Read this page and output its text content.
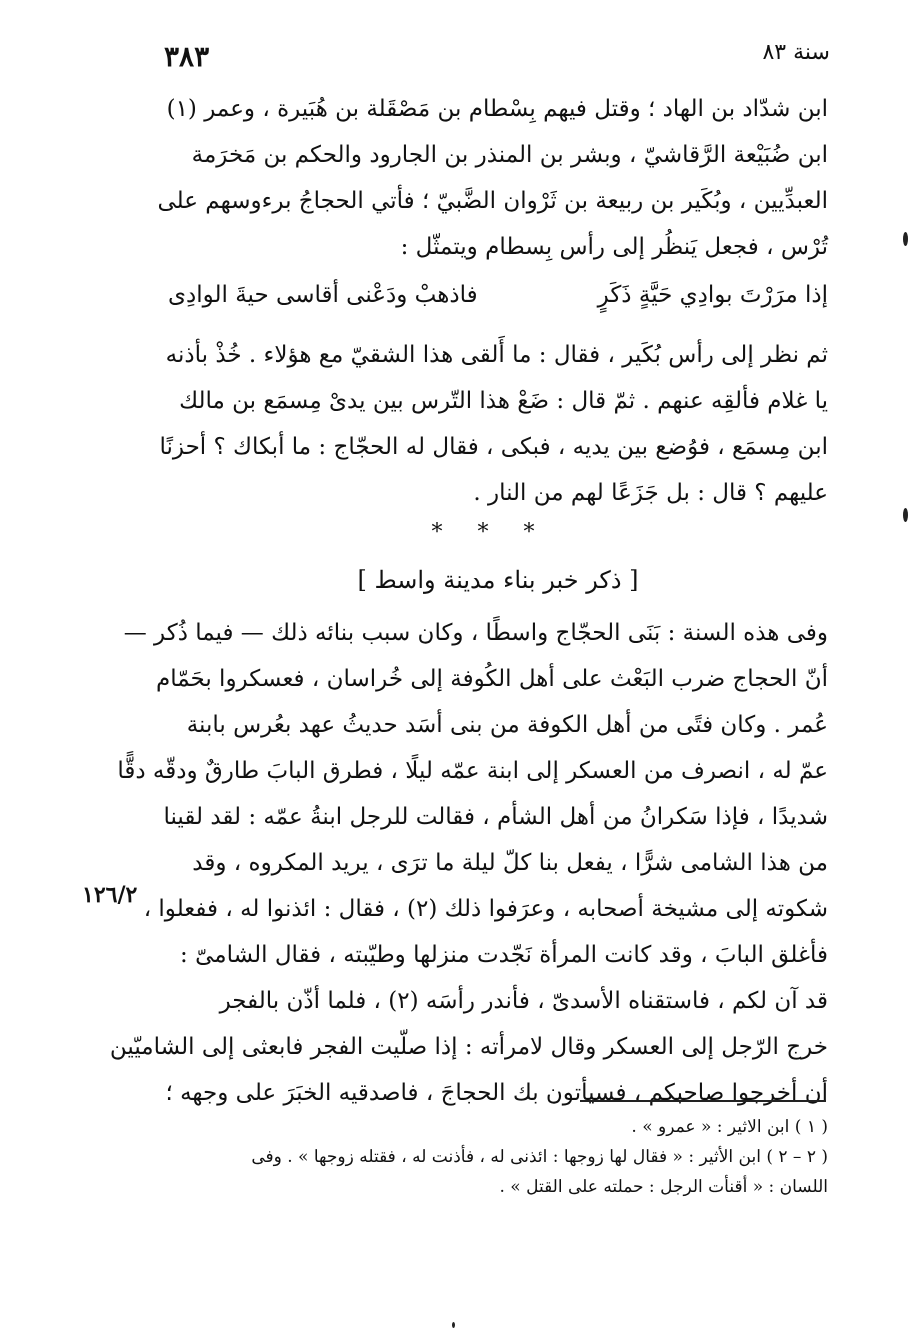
٣٨٣	سنة ٨٣
ابن شدّاد بن الهاد ؛ وقتل فيهم بِسْطام بن مَصْقَلة بن هُبَيرة ، وعمر (١)
ابن ضُبَيْعة الرَّقاشيّ ، وبشر بن المنذر بن الجارود والحكم بن مَخرَمة
العبدِّيين ، وبُكَير بن ربيعة بن ثَرْوان الضَّبيّ ؛ فأتي الحجاجُ برءوسهم على
تُرْس ، فجعل يَنظُر إلى رأس بِسطام ويتمثّل :
إذا مرَرْتَ بوادِي حَيَّةٍ ذَكَرٍ
فاذهبْ ودَعْنى أقاسى حيةَ الوادِى
ثم نظر إلى رأس بُكَير ، فقال : ما أَلقى هذا الشقيّ مع هؤلاء . خُذْ بأذنه
يا غلام فألقِه عنهم . ثمّ قال : ضَعْ هذا التّرس بين يدىْ مِسمَع بن مالك
ابن مِسمَع ، فوُضع بين يديه ، فبكى ، فقال له الحجّاج : ما أبكاك ؟ أحزنًا
عليهم ؟ قال : بل جَزَعًا لهم من النار .
* * *
[ ذكر خبر بناء مدينة واسط ]
وفى هذه السنة : بَنَى الحجّاج واسطًا ، وكان سبب بنائه ذلك — فيما ذُكر —
أنّ الحجاج ضرب البَعْث على أهل الكُوفة إلى خُراسان ، فعسكروا بحَمّام
عُمر . وكان فتًى من أهل الكوفة من بنى أسَد حديثُ عهد بعُرس بابنة
عمّ له ، انصرف من العسكر إلى ابنة عمّه ليلًا ، فطرق البابَ طارقٌ ودقّه دقًّا
شديدًا ، فإذا سَكرانُ من أهل الشأم ، فقالت للرجل ابنةُ عمّه : لقد لقينا
من هذا الشامى شرًّا ، يفعل بنا كلّ ليلة ما ترَى ، يريد المكروه ، وقد
شكوته إلى مشيخة أصحابه ، وعرَفوا ذلك (٢) ، فقال : ائذنوا له ، ففعلوا ،
فأغلق البابَ ، وقد كانت المرأة نَجّدت منزلها وطيّبته ، فقال الشامىّ :
قد آن لكم ، فاستقناه الأسدىّ ، فأندر رأسَه (٢) ، فلما أذّن بالفجر
خرج الرّجل إلى العسكر وقال لامرأته : إذا صلّيت الفجر فابعثى إلى الشاميّين
أن أخرجوا صاحبكم ، فسيأتون بك الحجاجَ ، فاصدقيه الخبَرَ على وجهه ؛
١٢٦/٢
( ١ ) ابن الاثير : « عمرو » .
( ٢ – ٢ ) ابن الأثير : « فقال لها زوجها : ائذنى له ، فأذنت له ، فقتله زوجها » . وفى
اللسان : « أقنأت الرجل : حملته على القتل » .
